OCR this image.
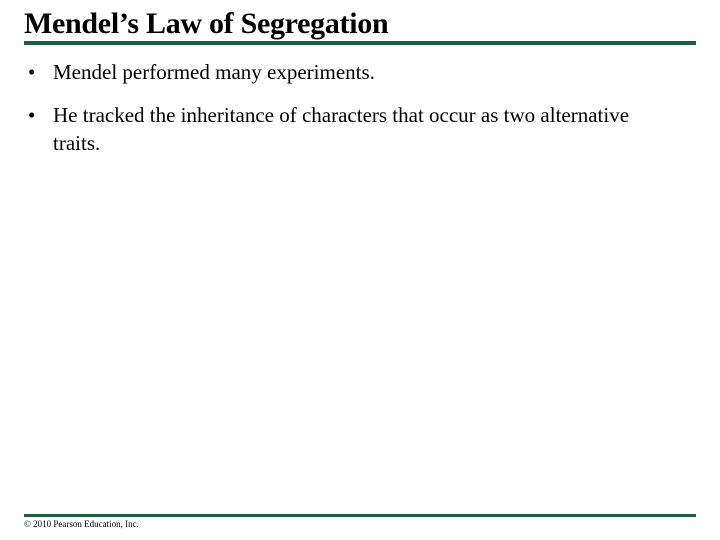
Mendel’s Law of Segregation
• Mendel performed many experiments.
• He tracked the inheritance of characters that occur as two alternative traits.
© 2010 Pearson Education, Inc.
